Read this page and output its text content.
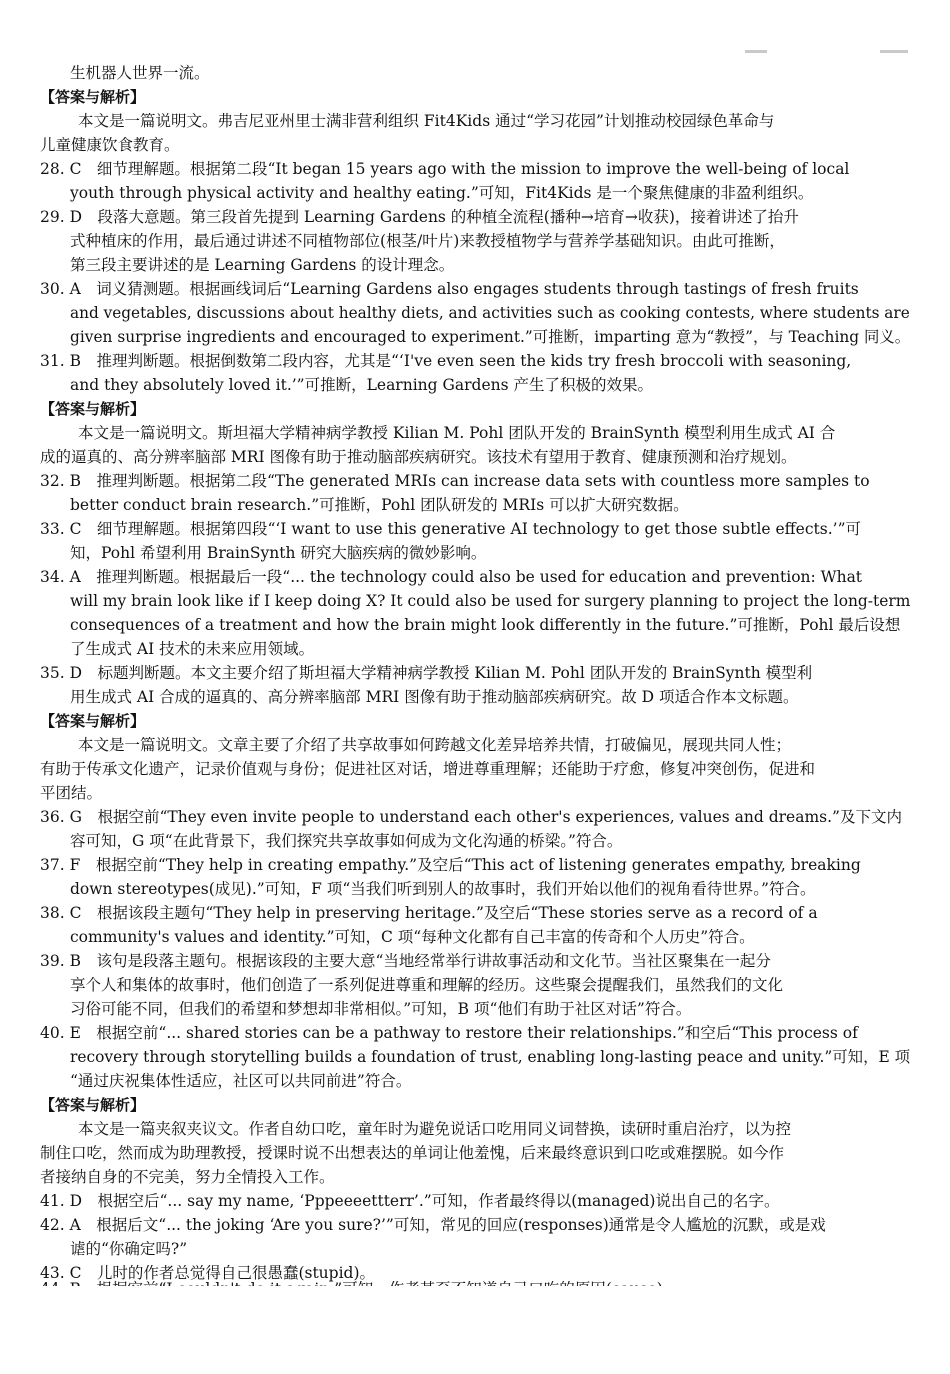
生机器人世界一流。
【答案与解析】
本文是一篇说明文。弗吉尼亚州里士满非营利组织 Fit4Kids 通过“学习花园”计划推动校园绿色革命与
儿童健康饮食教育。
28. C　细节理解题。根据第二段“It began 15 years ago with the mission to improve the well-being of local
youth through physical activity and healthy eating.”可知，Fit4Kids 是一个聚焦健康的非盈利组织。
29. D　段落大意题。第三段首先提到 Learning Gardens 的种植全流程(播种→培育→收获)，接着讲述了抬升
式种植床的作用，最后通过讲述不同植物部位(根茎/叶片)来教授植物学与营养学基础知识。由此可推断，
第三段主要讲述的是 Learning Gardens 的设计理念。
30. A　词义猜测题。根据画线词后“Learning Gardens also engages students through tastings of fresh fruits
and vegetables, discussions about healthy diets, and activities such as cooking contests, where students are
given surprise ingredients and encouraged to experiment.”可推断，imparting 意为“教授”，与 Teaching 同义。
31. B　推理判断题。根据倒数第二段内容，尤其是“‘I've even seen the kids try fresh broccoli with seasoning,
and they absolutely loved it.’”可推断，Learning Gardens 产生了积极的效果。
【答案与解析】
本文是一篇说明文。斯坦福大学精神病学教授 Kilian M. Pohl 团队开发的 BrainSynth 模型利用生成式 AI 合
成的逼真的、高分辨率脑部 MRI 图像有助于推动脑部疾病研究。该技术有望用于教育、健康预测和治疗规划。
32. B　推理判断题。根据第二段“The generated MRIs can increase data sets with countless more samples to
better conduct brain research.”可推断，Pohl 团队研发的 MRIs 可以扩大研究数据。
33. C　细节理解题。根据第四段“‘I want to use this generative AI technology to get those subtle effects.’”可
知，Pohl 希望利用 BrainSynth 研究大脑疾病的微妙影响。
34. A　推理判断题。根据最后一段“... the technology could also be used for education and prevention: What
will my brain look like if I keep doing X? It could also be used for surgery planning to project the long-term
consequences of a treatment and how the brain might look differently in the future.”可推断，Pohl 最后设想
了生成式 AI 技术的未来应用领域。
35. D　标题判断题。本文主要介绍了斯坦福大学精神病学教授 Kilian M. Pohl 团队开发的 BrainSynth 模型利
用生成式 AI 合成的逼真的、高分辨率脑部 MRI 图像有助于推动脑部疾病研究。故 D 项适合作本文标题。
【答案与解析】
本文是一篇说明文。文章主要了介绍了共享故事如何跨越文化差异培养共情，打破偏见，展现共同人性；
有助于传承文化遗产，记录价值观与身份；促进社区对话，增进尊重理解；还能助于疗愈，修复冲突创伤，促进和
平团结。
36. G　根据空前“They even invite people to understand each other's experiences, values and dreams.”及下文内
容可知，G 项“在此背景下，我们探究共享故事如何成为文化沟通的桥梁。”符合。
37. F　根据空前“They help in creating empathy.”及空后“This act of listening generates empathy, breaking
down stereotypes(成见).”可知，F 项“当我们听到别人的故事时，我们开始以他们的视角看待世界。”符合。
38. C　根据该段主题句“They help in preserving heritage.”及空后“These stories serve as a record of a
community's values and identity.”可知，C 项“每种文化都有自己丰富的传奇和个人历史”符合。
39. B　该句是段落主题句。根据该段的主要大意“当地经常举行讲故事活动和文化节。当社区聚集在一起分
享个人和集体的故事时，他们创造了一系列促进尊重和理解的经历。这些聚会提醒我们，虽然我们的文化
习俗可能不同，但我们的希望和梦想却非常相似。”可知，B 项“他们有助于社区对话”符合。
40. E　根据空前“... shared stories can be a pathway to restore their relationships.”和空后“This process of
recovery through storytelling builds a foundation of trust, enabling long-lasting peace and unity.”可知，E 项
“通过庆祝集体性适应，社区可以共同前进”符合。
【答案与解析】
本文是一篇夹叙夹议文。作者自幼口吃，童年时为避免说话口吃用同义词替换，读研时重启治疗，以为控
制住口吃，然而成为助理教授，授课时说不出想表达的单词让他羞愧，后来最终意识到口吃或难摆脱。如今作
者接纳自身的不完美，努力全情投入工作。
41. D　根据空后“... say my name, ‘Pppeeeettterr’.”可知，作者最终得以(managed)说出自己的名字。
42. A　根据后文“... the joking ‘Are you sure?’”可知，常见的回应(responses)通常是令人尴尬的沉默，或是戏
谑的“你确定吗?”
43. C　儿时的作者总觉得自己很愚蠢(stupid)。
